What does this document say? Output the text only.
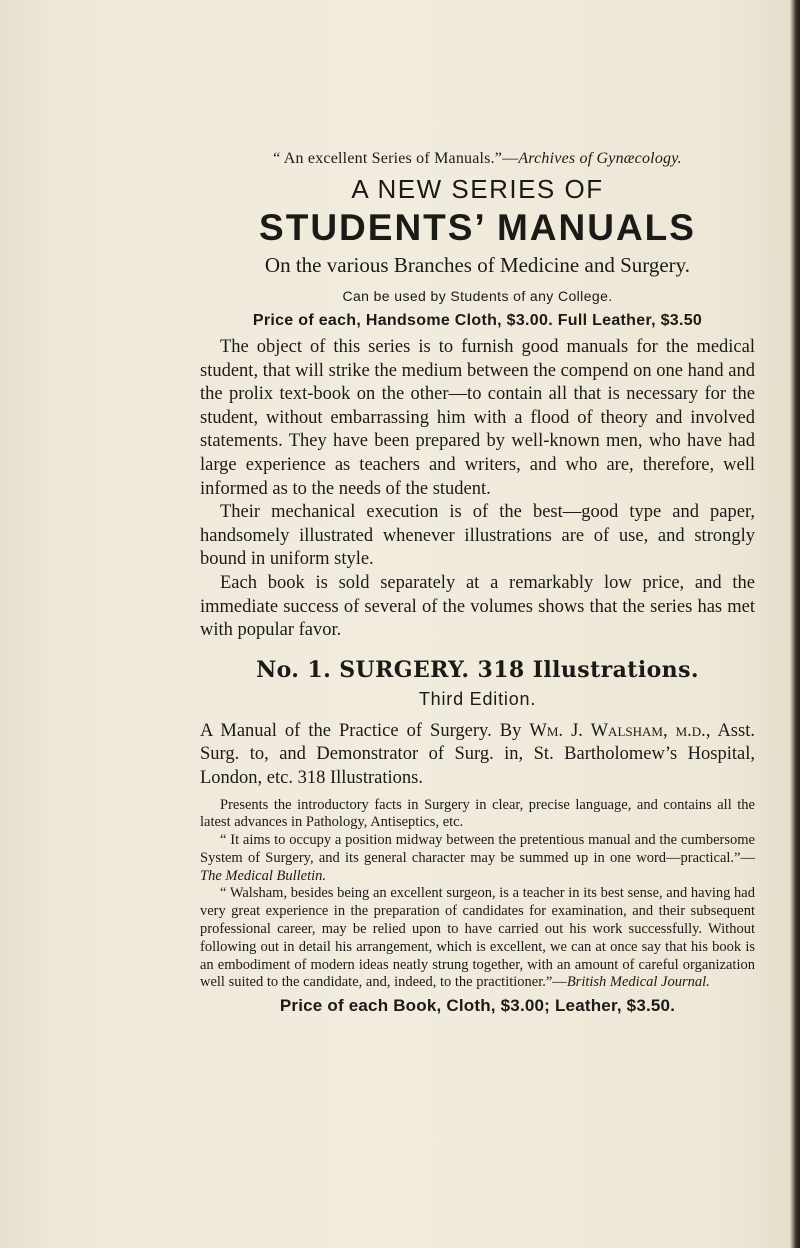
“ An excellent Series of Manuals.”—Archives of Gynæcology.
A NEW SERIES OF
STUDENTS’ MANUALS
On the various Branches of Medicine and Surgery.
Can be used by Students of any College.
Price of each, Handsome Cloth, $3.00. Full Leather, $3.50

The object of this series is to furnish good manuals for the medical student, that will strike the medium between the compend on one hand and the prolix text-book on the other—to contain all that is necessary for the student, without embarrassing him with a flood of theory and involved statements. They have been prepared by well-known men, who have had large experience as teachers and writers, and who are, therefore, well informed as to the needs of the student.

Their mechanical execution is of the best—good type and paper, handsomely illustrated whenever illustrations are of use, and strongly bound in uniform style.

Each book is sold separately at a remarkably low price, and the immediate success of several of the volumes shows that the series has met with popular favor.

No. 1. SURGERY. 318 Illustrations.
Third Edition.

A Manual of the Practice of Surgery. By Wm. J. Walsham, m.d., Asst. Surg. to, and Demonstrator of Surg. in, St. Bartholomew’s Hospital, London, etc. 318 Illustrations.

Presents the introductory facts in Surgery in clear, precise language, and contains all the latest advances in Pathology, Antiseptics, etc.

“ It aims to occupy a position midway between the pretentious manual and the cumbersome System of Surgery, and its general character may be summed up in one word—practical.”—The Medical Bulletin.

“ Walsham, besides being an excellent surgeon, is a teacher in its best sense, and having had very great experience in the preparation of candidates for examination, and their subsequent professional career, may be relied upon to have carried out his work successfully. Without following out in detail his arrangement, which is excellent, we can at once say that his book is an embodiment of modern ideas neatly strung together, with an amount of careful organization well suited to the candidate, and, indeed, to the practitioner.”—British Medical Journal.

Price of each Book, Cloth, $3.00; Leather, $3.50.
